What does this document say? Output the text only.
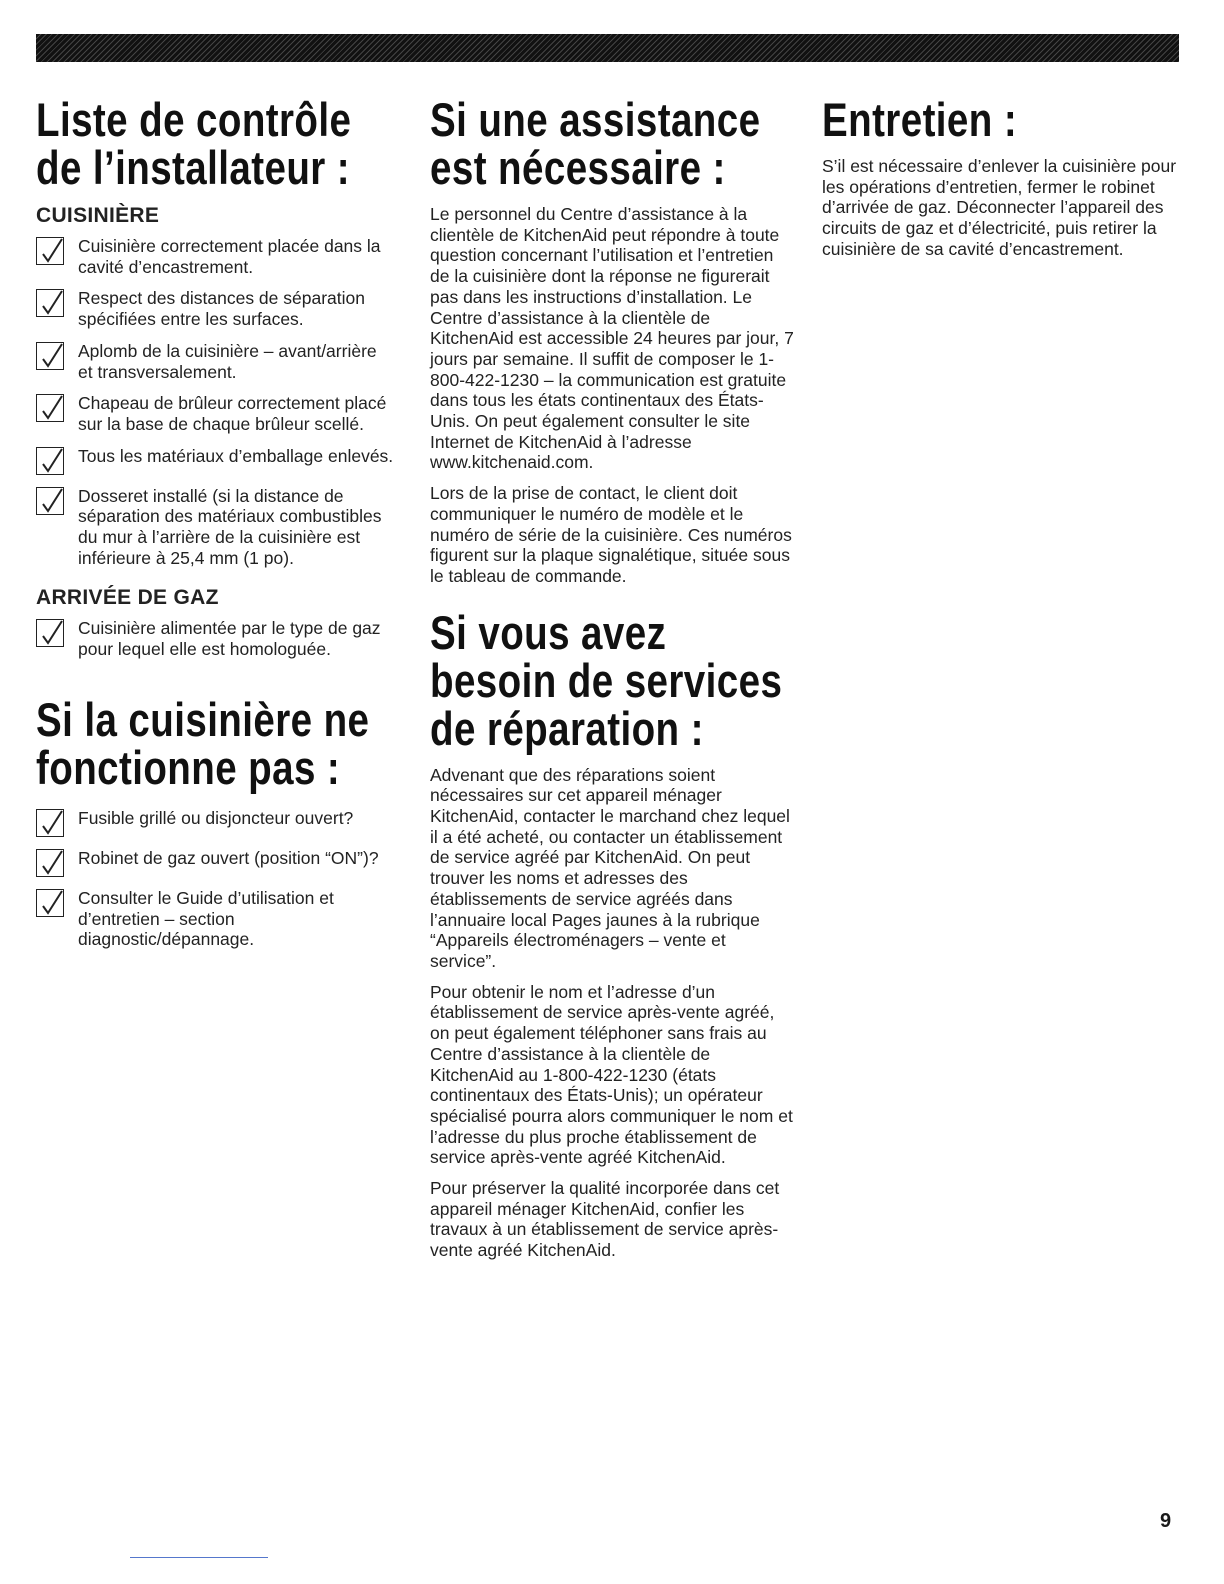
Liste de contrôle de l’installateur :
CUISINIÈRE
Cuisinière correctement placée dans la cavité d’encastrement.
Respect des distances de séparation spécifiées entre les surfaces.
Aplomb de la cuisinière – avant/arrière et transversalement.
Chapeau de brûleur correctement placé sur la base de chaque brûleur scellé.
Tous les matériaux d’emballage enlevés.
Dosseret installé (si la distance de séparation des matériaux combustibles du mur à l’arrière de la cuisinière est inférieure à 25,4 mm (1 po).
ARRIVÉE DE GAZ
Cuisinière alimentée par le type de gaz pour lequel elle est homologuée.
Si la cuisinière ne fonctionne pas :
Fusible grillé ou disjoncteur ouvert?
Robinet de gaz ouvert (position “ON”)?
Consulter le Guide d’utilisation et d’entretien – section diagnostic/dépannage.
Si une assistance est nécessaire :

Le personnel du Centre d’assistance à la clientèle de KitchenAid peut répondre à toute question concernant l’utilisation et l’entretien de la cuisinière dont la réponse ne figurerait pas dans les instructions d’installation. Le Centre d’assistance à la clientèle de KitchenAid est accessible 24 heures par jour, 7 jours par semaine. Il suffit de composer le 1-800-422-1230 – la communication est gratuite dans tous les états continentaux des États-Unis. On peut également consulter le site Internet de KitchenAid à l’adresse www.kitchenaid.com.

Lors de la prise de contact, le client doit communiquer le numéro de modèle et le numéro de série de la cuisinière. Ces numéros figurent sur la plaque signalétique, située sous le tableau de commande.

Si vous avez besoin de services de réparation :

Advenant que des réparations soient nécessaires sur cet appareil ménager KitchenAid, contacter le marchand chez lequel il a été acheté, ou contacter un établissement de service agréé par KitchenAid. On peut trouver les noms et adresses des établissements de service agréés dans l’annuaire local Pages jaunes à la rubrique “Appareils électroménagers – vente et service”.

Pour obtenir le nom et l’adresse d’un établissement de service après-vente agréé, on peut également téléphoner sans frais au Centre d’assistance à la clientèle de KitchenAid au 1-800-422-1230 (états continentaux des États-Unis); un opérateur spécialisé pourra alors communiquer le nom et l’adresse du plus proche établissement de service après-vente agréé KitchenAid.

Pour préserver la qualité incorporée dans cet appareil ménager KitchenAid, confier les travaux à un établissement de service après-vente agréé KitchenAid.

Entretien :

S’il est nécessaire d’enlever la cuisinière pour les opérations d’entretien, fermer le robinet d’arrivée de gaz. Déconnecter l’appareil des circuits de gaz et d’électricité, puis retirer la cuisinière de sa cavité d’encastrement.

9
